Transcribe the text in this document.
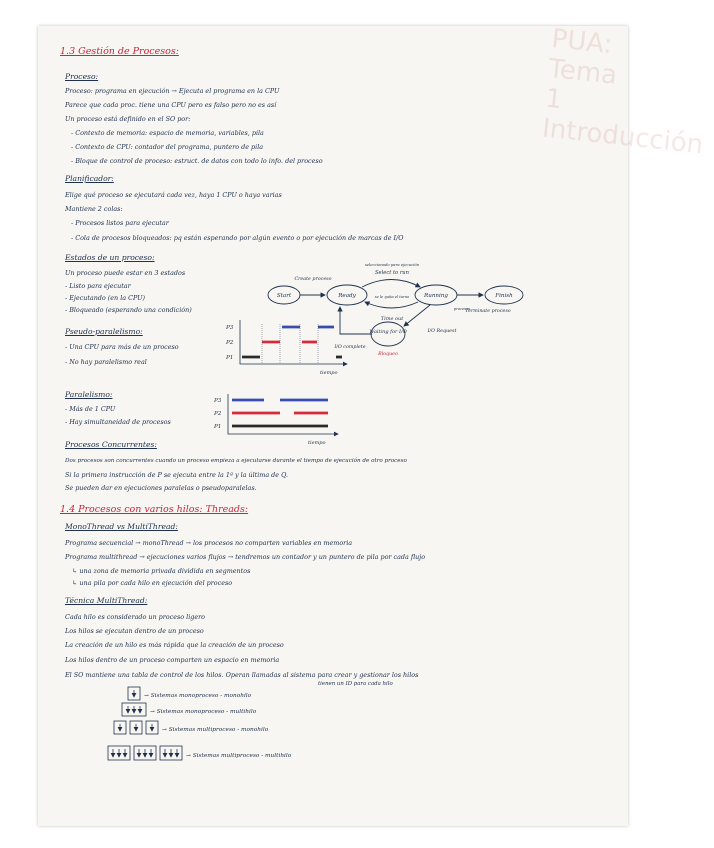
PUA: Tema 1 Introducción
1.3 Gestión de Procesos:
Proceso:
Proceso: programa en ejecución → Ejecuta el programa en la CPU
Parece que cada proc. tiene una CPU pero es falso pero no es así
Un proceso está definido en el SO por:
- Contexto de memoria: espacio de memoria, variables, pila
- Contexto de CPU: contador del programa, puntero de pila
- Bloque de control de proceso: estruct. de datos con todo lo info. del proceso
Planificador:
Elige qué proceso se ejecutará cada vez, haya 1 CPU o haya varias
Mantiene 2 colas:
- Procesos listos para ejecutar
- Cola de procesos bloqueados: pq están esperando por algún evento o por ejecución de marcas de I/O
Estados de un proceso:
Un proceso puede estar en 3 estados
- Listo para ejecutar
- Ejecutando (en la CPU)
- Bloqueado (esperando una condición)
Start	Ready	Running	Finish
Waiting for I/O
Create proceso
Select to run
seleccionado para ejecución
Time out
se le quita el turno
I/O complete
I/O Request
Terminate proceso
Bloqueo
procesos
Pseudo-paralelismo:
- Una CPU para más de un proceso
- No hay paralelismo real
P3
P2
P1
tiempo
Paralelismo:
- Más de 1 CPU
- Hay simultaneidad de procesos
P3
P2
P1
tiempo
Procesos Concurrentes:
Dos procesos son concurrentes cuando un proceso empieza a ejecutarse durante el tiempo de ejecución de otro proceso
Si la primera instrucción de P se ejecuta entre la 1ª y la última de Q.
Se pueden dar en ejecuciones paralelas o pseudoparalelas.
1.4 Procesos con varios hilos: Threads:
MonoThread vs MultiThread:
Programa secuencial → monoThread → los procesos no comparten variables en memoria
Programa multithread → ejecuciones varios flujos → tendremos un contador y un puntero de pila por cada flujo
↳ una zona de memoria privada dividida en segmentos
↳ una pila por cada hilo en ejecución del proceso
Técnica MultiThread:
Cada hilo es considerado un proceso ligero
Los hilos se ejecutan dentro de un proceso
La creación de un hilo es más rápida que la creación de un proceso
Los hilos dentro de un proceso comparten un espacio en memoria
El SO mantiene una tabla de control de los hilos. Operan llamadas al sistema para crear y gestionar los hilos
tienen un ID para cada hilo
→ Sistemas monoproceso - monohilo
→ Sistemas monoproceso - multihilo
→ Sistemas multiproceso - monohilo
→ Sistemas multiproceso - multihilo
